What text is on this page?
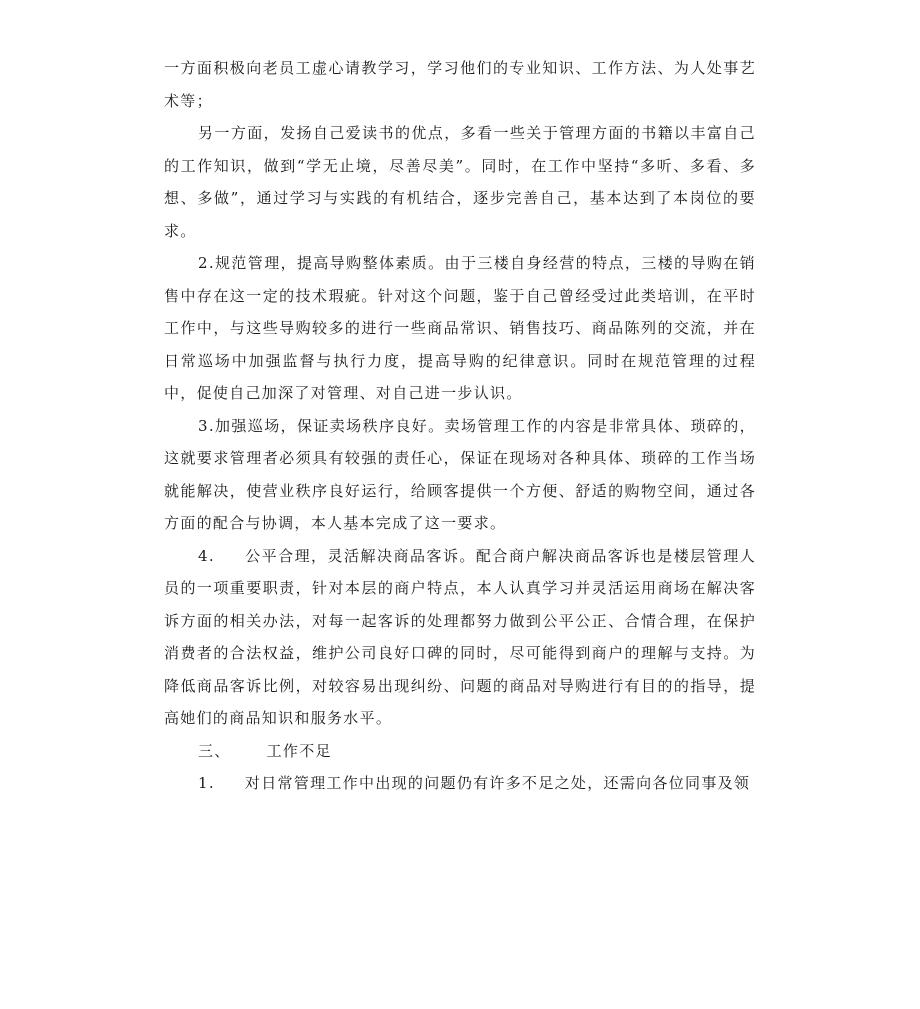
一方面积极向老员工虚心请教学习，学习他们的专业知识、工作方法、为人处事艺术等；

另一方面，发扬自己爱读书的优点，多看一些关于管理方面的书籍以丰富自己的工作知识，做到“学无止境，尽善尽美”。同时，在工作中坚持“多听、多看、多想、多做”，通过学习与实践的有机结合，逐步完善自己，基本达到了本岗位的要求。

2.规范管理，提高导购整体素质。由于三楼自身经营的特点，三楼的导购在销售中存在这一定的技术瑕疵。针对这个问题，鉴于自己曾经受过此类培训，在平时工作中，与这些导购较多的进行一些商品常识、销售技巧、商品陈列的交流，并在日常巡场中加强监督与执行力度，提高导购的纪律意识。同时在规范管理的过程中，促使自己加深了对管理、对自己进一步认识。

3.加强巡场，保证卖场秩序良好。卖场管理工作的内容是非常具体、琐碎的，这就要求管理者必须具有较强的责任心，保证在现场对各种具体、琐碎的工作当场就能解决，使营业秩序良好运行，给顾客提供一个方便、舒适的购物空间，通过各方面的配合与协调，本人基本完成了这一要求。

4. 公平合理，灵活解决商品客诉。配合商户解决商品客诉也是楼层管理人员的一项重要职责，针对本层的商户特点，本人认真学习并灵活运用商场在解决客诉方面的相关办法，对每一起客诉的处理都努力做到公平公正、合情合理，在保护消费者的合法权益，维护公司良好口碑的同时，尽可能得到商户的理解与支持。为降低商品客诉比例，对较容易出现纠纷、问题的商品对导购进行有目的的指导，提高她们的商品知识和服务水平。

三、 工作不足

1. 对日常管理工作中出现的问题仍有许多不足之处，还需向各位同事及领
